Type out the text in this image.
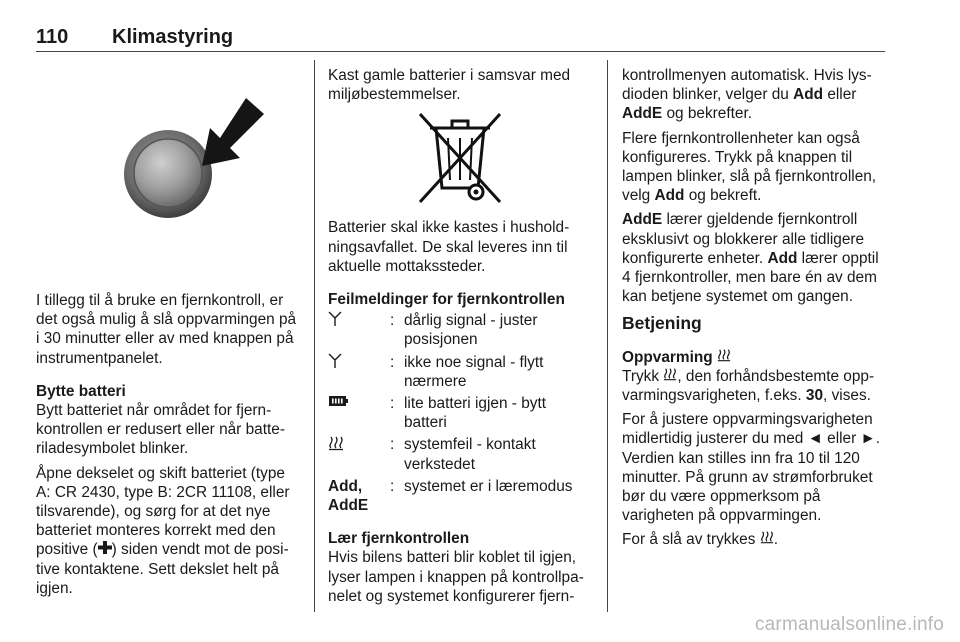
110 Klimastyring

I tillegg til å bruke en fjernkontroll, er det også mulig å slå oppvarmingen på i 30 minutter eller av med knappen på instrumentpanelet.

Bytte batteri

Bytt batteriet når området for fjernkontrollen er redusert eller når batteriladesymbolet blinker.

Åpne dekselet og skift batteriet (type A: CR 2430, type B: 2CR 11108, eller tilsvarende), og sørg for at det nye batteriet monteres korrekt med den positive ( ) siden vendt mot de positive kontaktene. Sett dekslet helt på igjen.

Kast gamle batterier i samsvar med miljøbestemmelser.

Batterier skal ikke kastes i husholdningsavfallet. De skal leveres inn til aktuelle mottakssteder.

Feilmeldinger for fjernkontrollen
: dårlig signal - juster posisjonen
: ikke noe signal - flytt nærmere
: lite batteri igjen - bytt batteri
: systemfeil - kontakt verkstedet
Add, AddE
: systemet er i læremodus
Lær fjernkontrollen

Hvis bilens batteri blir koblet til igjen, lyser lampen i knappen på kontrollpanelet og systemet konfigurerer fjern-

kontrollmenyen automatisk. Hvis lysdioden blinker, velger du Add eller AddE og bekrefter.

Flere fjernkontrollenheter kan også konfigureres. Trykk på knappen til lampen blinker, slå på fjernkontrollen, velg Add og bekreft.

AddE lærer gjeldende fjernkontroll eksklusivt og blokkerer alle tidligere konfigurerte enheter. Add lærer opptil 4 fjernkontroller, men bare én av dem kan betjene systemet om gangen.

Betjening
Oppvarming

Trykk , den forhåndsbestemte oppvarmingsvarigheten, f.eks. 30, vises.

For å justere oppvarmingsvarigheten midlertidig justerer du med ◄ eller ►. Verdien kan stilles inn fra 10 til 120 minutter. På grunn av strømforbruket bør du være oppmerksom på varigheten på oppvarmingen.

For å slå av trykkes .

carmanualsonline.info
